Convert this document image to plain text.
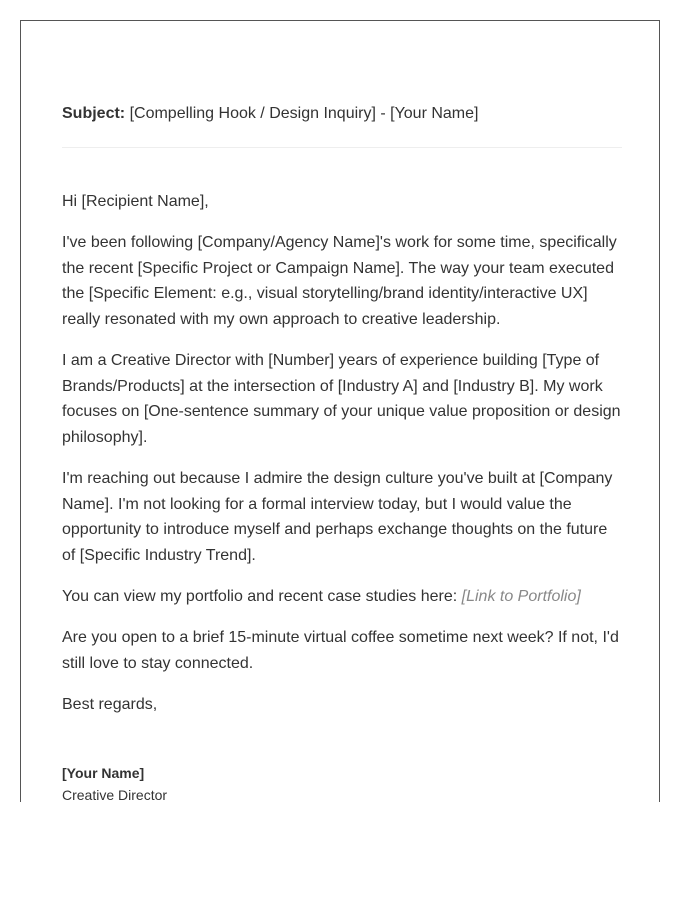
Subject: [Compelling Hook / Design Inquiry] - [Your Name]

Hi [Recipient Name],

I've been following [Company/Agency Name]'s work for some time, specifically the recent [Specific Project or Campaign Name]. The way your team executed the [Specific Element: e.g., visual storytelling/brand identity/interactive UX] really resonated with my own approach to creative leadership.

I am a Creative Director with [Number] years of experience building [Type of Brands/Products] at the intersection of [Industry A] and [Industry B]. My work focuses on [One-sentence summary of your unique value proposition or design philosophy].

I'm reaching out because I admire the design culture you've built at [Company Name]. I'm not looking for a formal interview today, but I would value the opportunity to introduce myself and perhaps exchange thoughts on the future of [Specific Industry Trend].

You can view my portfolio and recent case studies here: [Link to Portfolio]

Are you open to a brief 15-minute virtual coffee sometime next week? If not, I'd still love to stay connected.

Best regards,

[Your Name]
Creative Director
